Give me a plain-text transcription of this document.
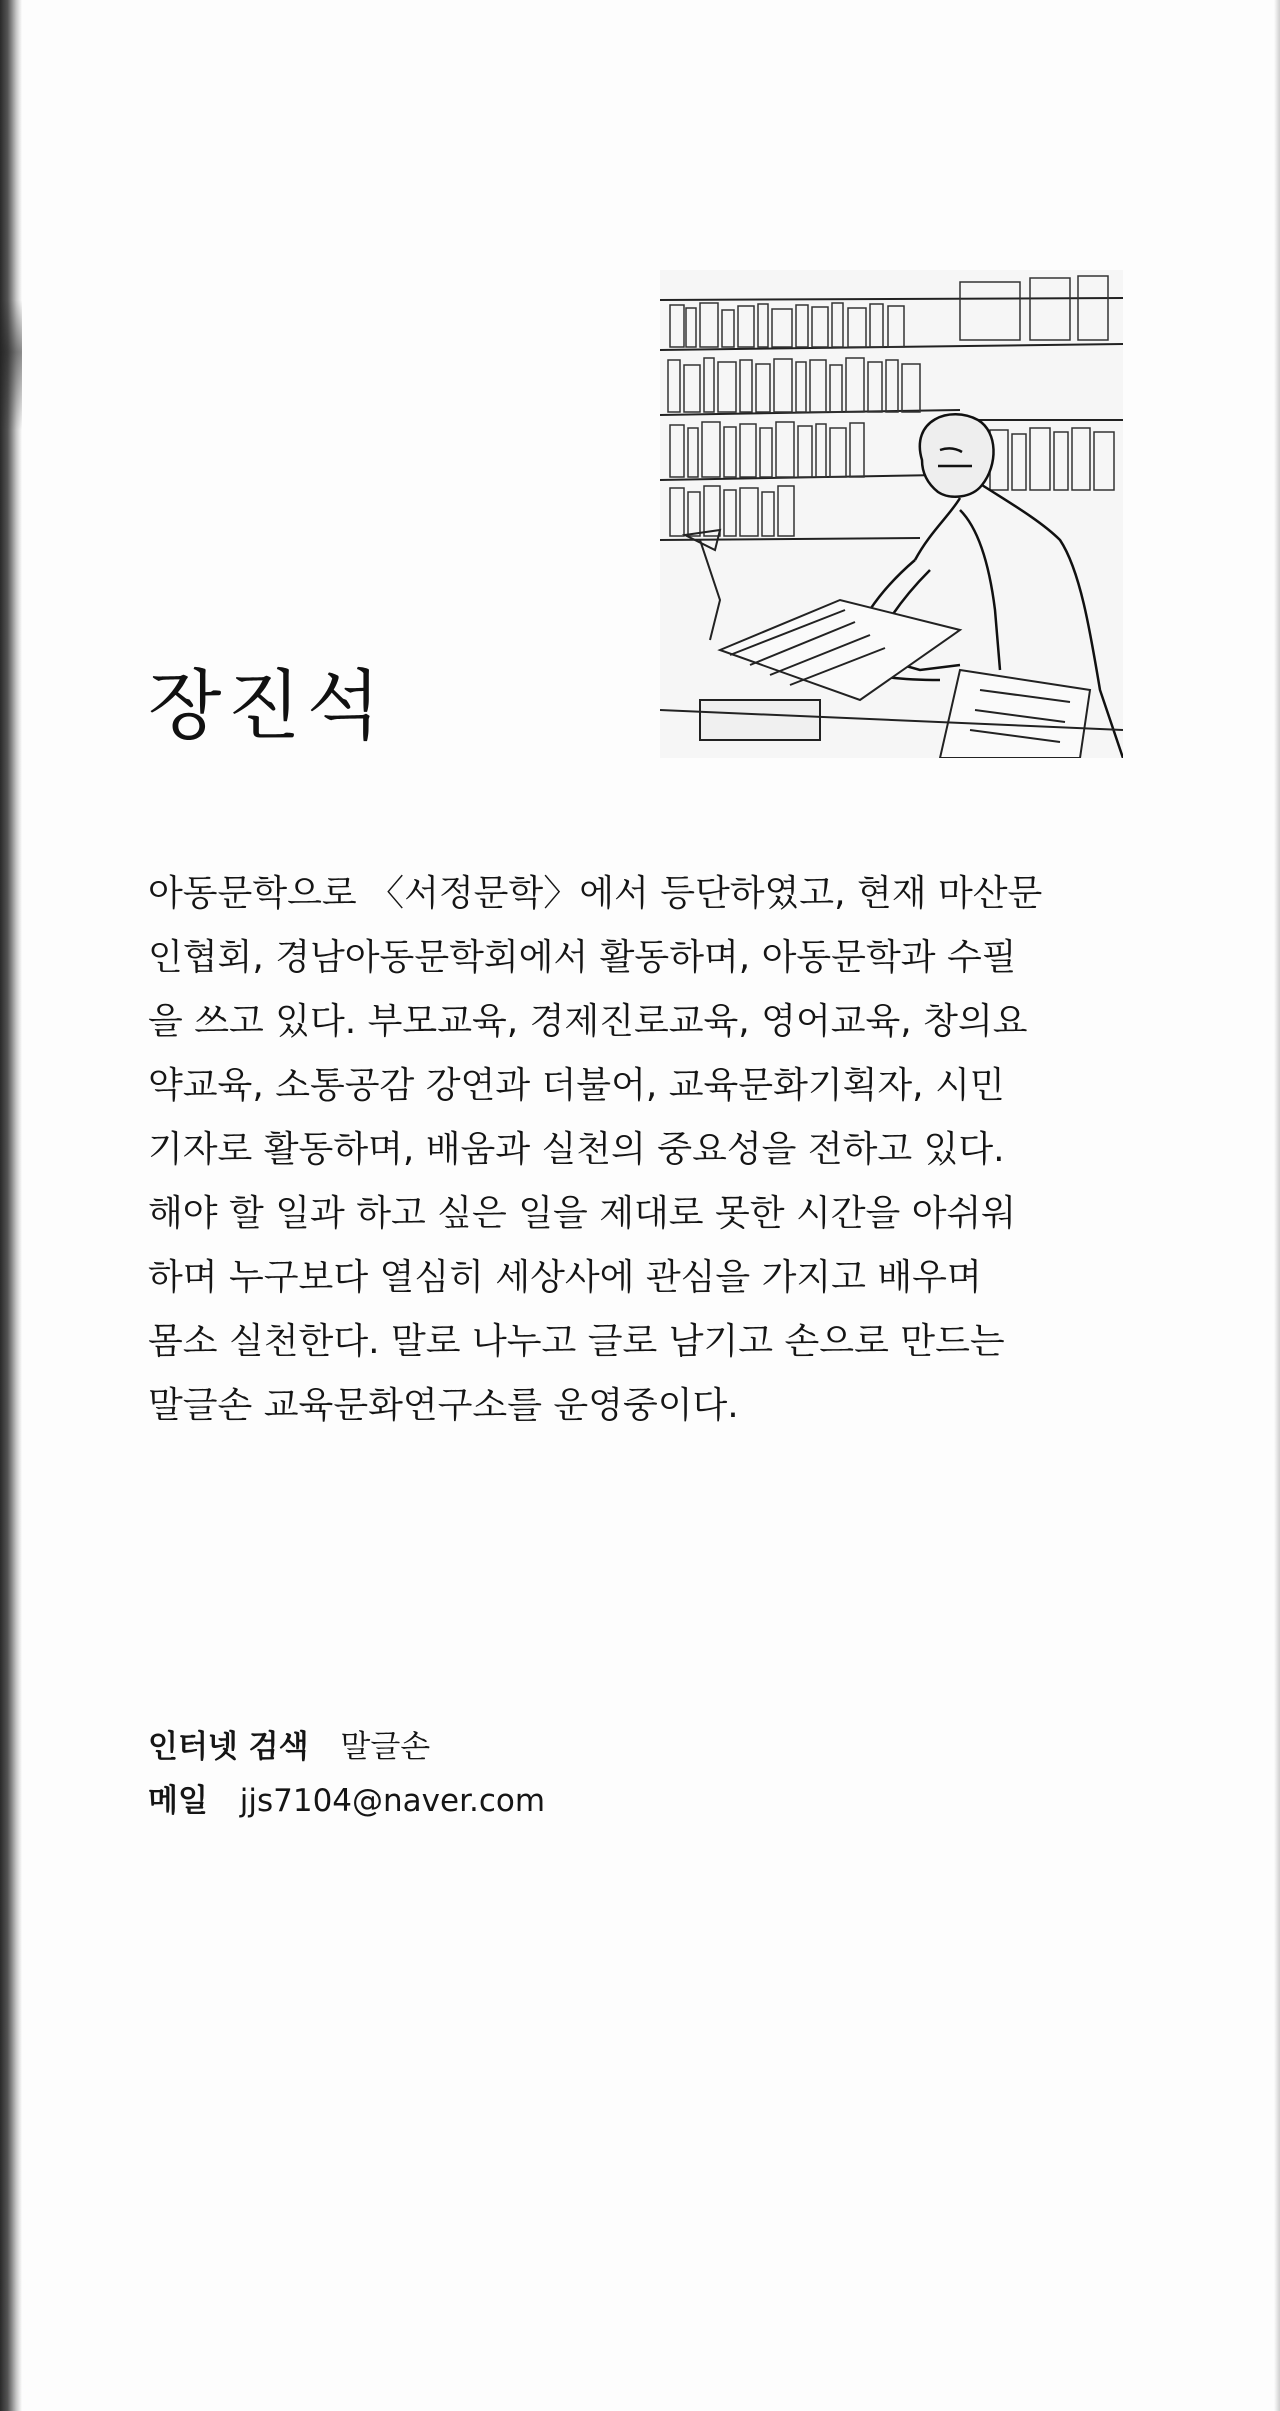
장진석
아동문학으로 〈서정문학〉에서 등단하였고, 현재 마산문
인협회, 경남아동문학회에서 활동하며, 아동문학과 수필
을 쓰고 있다. 부모교육, 경제진로교육, 영어교육, 창의요
약교육, 소통공감 강연과 더불어, 교육문화기획자, 시민
기자로 활동하며, 배움과 실천의 중요성을 전하고 있다.
해야 할 일과 하고 싶은 일을 제대로 못한 시간을 아쉬워
하며 누구보다 열심히 세상사에 관심을 가지고 배우며
몸소 실천한다. 말로 나누고 글로 남기고 손으로 만드는
말글손 교육문화연구소를 운영중이다.
인터넷 검색 말글손
메일 jjs7104@naver.com
